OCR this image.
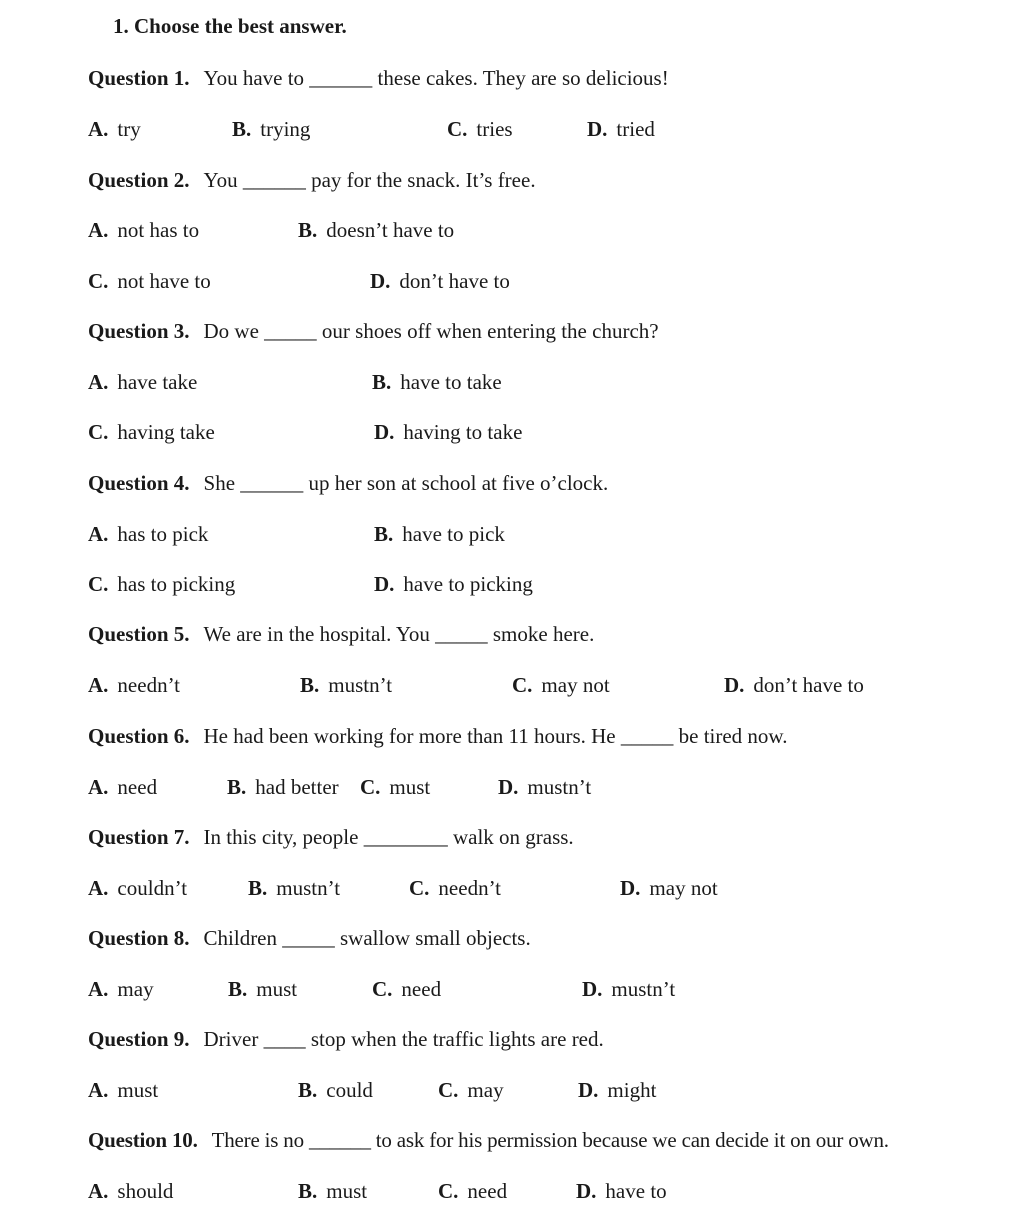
1. Choose the best answer.
Question 1. You have to ______ these cakes. They are so delicious!
A. try	B. trying	C. tries	D. tried
Question 2. You ______ pay for the snack. It’s free.
A. not has to	B. doesn’t have to
C. not have to	D. don’t have to
Question 3. Do we _____ our shoes off when entering the church?
A. have take	B. have to take
C. having take	D. having to take
Question 4. She ______ up her son at school at five o’clock.
A. has to pick	B. have to pick
C. has to picking	D. have to picking
Question 5. We are in the hospital. You _____ smoke here.
A. needn’t	B. mustn’t	C. may not	D. don’t have to
Question 6. He had been working for more than 11 hours. He _____ be tired now.
A. need	B. had better C. must	D. mustn’t
Question 7. In this city, people ________ walk on grass.
A. couldn’t	B. mustn’t	C. needn’t	D. may not
Question 8. Children _____ swallow small objects.
A. may	B. must	C. need	D. mustn’t
Question 9. Driver ____ stop when the traffic lights are red.
A. must	B. could	C. may	D. might
Question 10. There is no ______ to ask for his permission because we can decide it on our own.
A. should	B. must	C. need	D. have to
